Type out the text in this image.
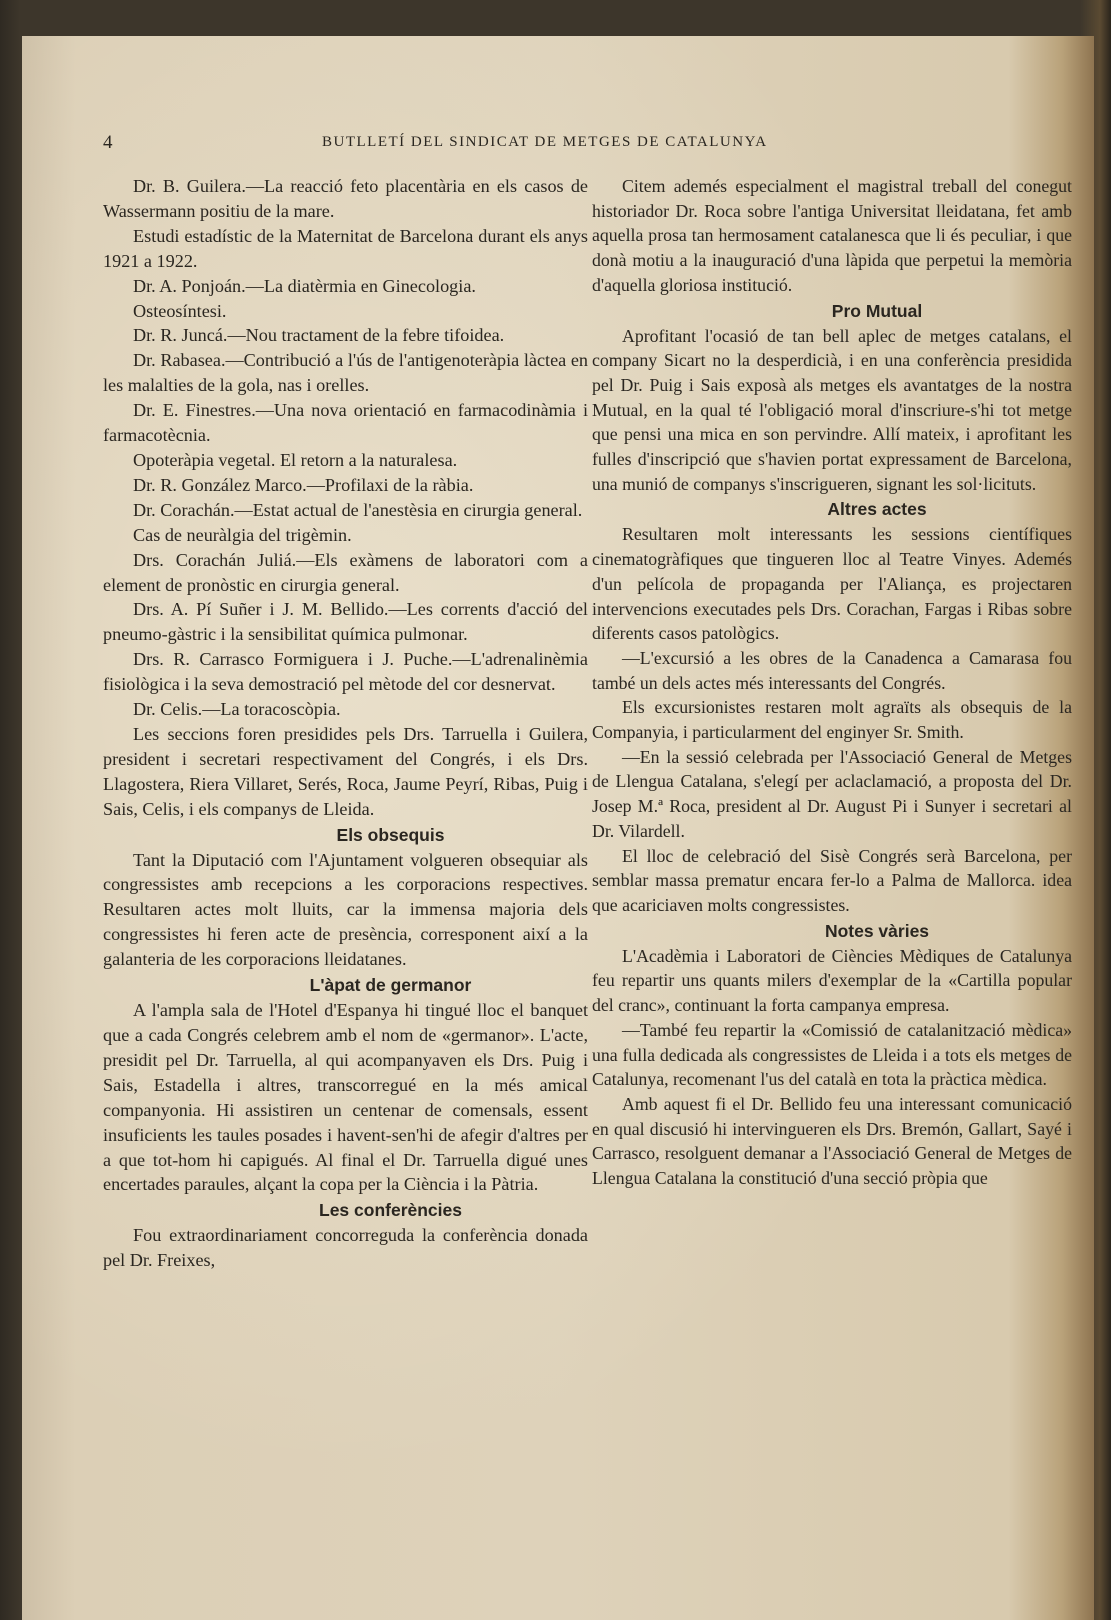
4	BUTLLETÍ DEL SINDICAT DE METGES DE CATALUNYA

Dr. B. Guilera.—La reacció feto placentària en els casos de Wassermann positiu de la mare.

Estudi estadístic de la Maternitat de Barcelona durant els anys 1921 a 1922.

Dr. A. Ponjoán.—La diatèrmia en Ginecologia.

Osteosíntesi.

Dr. R. Juncá.—Nou tractament de la febre tifoidea.

Dr. Rabasea.—Contribució a l'ús de l'antigenoteràpia làctea en les malalties de la gola, nas i orelles.

Dr. E. Finestres.—Una nova orientació en farmacodinàmia i farmacotècnia.

Opoteràpia vegetal. El retorn a la naturalesa.

Dr. R. González Marco.—Profilaxi de la ràbia.

Dr. Corachán.—Estat actual de l'anestèsia en cirurgia general.

Cas de neuràlgia del trigèmin.

Drs. Corachán Juliá.—Els exàmens de laboratori com a element de pronòstic en cirurgia general.

Drs. A. Pí Suñer i J. M. Bellido.—Les corrents d'acció del pneumo-gàstric i la sensibilitat química pulmonar.

Drs. R. Carrasco Formiguera i J. Puche.—L'adrenalinèmia fisiològica i la seva demostració pel mètode del cor desnervat.

Dr. Celis.—La toracoscòpia.

Les seccions foren presidides pels Drs. Tarruella i Guilera, president i secretari respectivament del Congrés, i els Drs. Llagostera, Riera Villaret, Serés, Roca, Jaume Peyrí, Ribas, Puig i Sais, Celis, i els companys de Lleida.

Els obsequis

Tant la Diputació com l'Ajuntament volgueren obsequiar als congressistes amb recepcions a les corporacions respectives. Resultaren actes molt lluits, car la immensa majoria dels congressistes hi feren acte de presència, corresponent així a la galanteria de les corporacions lleidatanes.

L'àpat de germanor

A l'ampla sala de l'Hotel d'Espanya hi tingué lloc el banquet que a cada Congrés celebrem amb el nom de «germanor». L'acte, presidit pel Dr. Tarruella, al qui acompanyaven els Drs. Puig i Sais, Estadella i altres, transcorregué en la més amical companyonia. Hi assistiren un centenar de comensals, essent insuficients les taules posades i havent-sen'hi de afegir d'altres per a que tot-hom hi capigués. Al final el Dr. Tarruella digué unes encertades paraules, alçant la copa per la Ciència i la Pàtria.

Les conferències

Fou extraordinariament concorreguda la conferència donada pel Dr. Freixes,

Citem ademés especialment el magistral treball del conegut historiador Dr. Roca sobre l'antiga Universitat lleidatana, fet amb aquella prosa tan hermosament catalanesca que li és peculiar, i que donà motiu a la inauguració d'una làpida que perpetui la memòria d'aquella gloriosa institució.

Pro Mutual

Aprofitant l'ocasió de tan bell aplec de metges catalans, el company Sicart no la desperdicià, i en una conferència presidida pel Dr. Puig i Sais exposà als metges els avantatges de la nostra Mutual, en la qual té l'obligació moral d'inscriure-s'hi tot metge que pensi una mica en son pervindre. Allí mateix, i aprofitant les fulles d'inscripció que s'havien portat expressament de Barcelona, una munió de companys s'inscrigueren, signant les sol·licituts.

Altres actes

Resultaren molt interessants les sessions científiques cinematogràfiques que tingueren lloc al Teatre Vinyes. Ademés d'un pelícola de propaganda per l'Aliança, es projectaren intervencions executades pels Drs. Corachan, Fargas i Ribas sobre diferents casos patològics.

—L'excursió a les obres de la Canadenca a Camarasa fou també un dels actes més interessants del Congrés.

Els excursionistes restaren molt agraïts als obsequis de la Companyia, i particularment del enginyer Sr. Smith.

—En la sessió celebrada per l'Associació General de Metges de Llengua Catalana, s'elegí per aclaclamació, a proposta del Dr. Josep M.ª Roca, president al Dr. August Pi i Sunyer i secretari al Dr. Vilardell.

El lloc de celebració del Sisè Congrés serà Barcelona, per semblar massa prematur encara fer-lo a Palma de Mallorca. idea que acariciaven molts congressistes.

Notes vàries

L'Acadèmia i Laboratori de Ciències Mèdiques de Catalunya feu repartir uns quants milers d'exemplar de la «Cartilla popular del cranc», continuant la forta campanya empresa.

—També feu repartir la «Comissió de catalanització mèdica» una fulla dedicada als congressistes de Lleida i a tots els metges de Catalunya, recomenant l'us del català en tota la pràctica mèdica.

Amb aquest fi el Dr. Bellido feu una interessant comunicació en qual discusió hi intervingueren els Drs. Bremón, Gallart, Sayé i Carrasco, resolguent demanar a l'Associació General de Metges de Llengua Catalana la constitució d'una secció pròpia que
